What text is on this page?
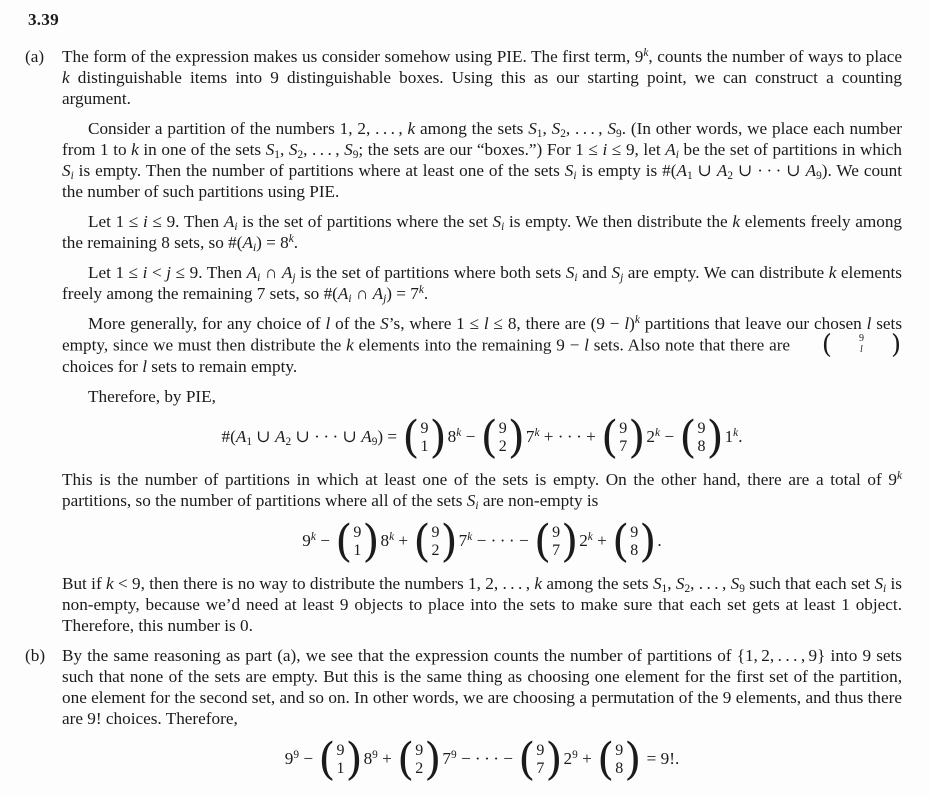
3.39
(a) The form of the expression makes us consider somehow using PIE. The first term, 9$^k$, counts the number of ways to place k distinguishable items into 9 distinguishable boxes. Using this as our starting point, we can construct a counting argument.
Consider a partition of the numbers 1, 2, . . . , k among the sets S1, S2, . . . , S9. (In other words, we place each number from 1 to k in one of the sets S1, S2, . . . , S9; the sets are our “boxes.”) For 1 ≤ i ≤ 9, let Ai be the set of partitions in which Si is empty. Then the number of partitions where at least one of the sets Si is empty is #(A1 ∪ A2 ∪ · · · ∪ A9). We count the number of such partitions using PIE.
Let 1 ≤ i ≤ 9. Then Ai is the set of partitions where the set Si is empty. We then distribute the k elements freely among the remaining 8 sets, so #(Ai) = $8^k$.
Let 1 ≤ i < j ≤ 9. Then Ai ∩ Aj is the set of partitions where both sets Si and Sj are empty. We can distribute k elements freely among the remaining 7 sets, so #(Ai ∩ $Aj) = 7^k$.
More generally, for any choice of l of the S’s, where 1 ≤ l ≤ 8, there are $(9 - l)^k$ partitions that leave our chosen l sets empty, since we must then distribute the k elements into the remaining 9 − l sets. Also note that there are	(	9
l	)
choices for l sets to remain empty.
Therefore, by PIE,
#(A1 ∪ A2 ∪ · · · ∪ A9) = ( 9
1 ) $8^k$ − ( 9
2 ) $7^k$ + · · · + ( 9
7 ) $2^k$ − ( 9
8 ) 1$^k$.
This is the number of partitions in which at least one of the sets is empty. On the other hand, there are a total of 9$^k$ partitions, so the number of partitions where all of the sets Si are non-empty is
$9^k$ − ( 9
1 ) $8^k$ + ( 9
2 ) $7^k$ − · · · − ( 9
7 ) $2^k$ + ( 9
8 ) .
But if k < 9, then there is no way to distribute the numbers 1, 2, . . . , k among the sets S1, S2, . . . , S9 such that each set Si is non-empty, because we’d need at least 9 objects to place into the sets to make sure that each set gets at least 1 object. Therefore, this number is 0.
(b) By the same reasoning as part (a), we see that the expression counts the number of partitions of {1, 2, . . . , 9} into 9 sets such that none of the sets are empty. But this is the same thing as choosing one element for the first set of the partition, one element for the second set, and so on. In other words, we are choosing a permutation of the 9 elements, and thus there are 9! choices. Therefore,
$9^9$ − ( 9
1 ) $8^9$ + ( 9
2 ) $7^9$ − · · · − ( 9
7 ) $2^9$ + ( 9
8 ) = 9!.
